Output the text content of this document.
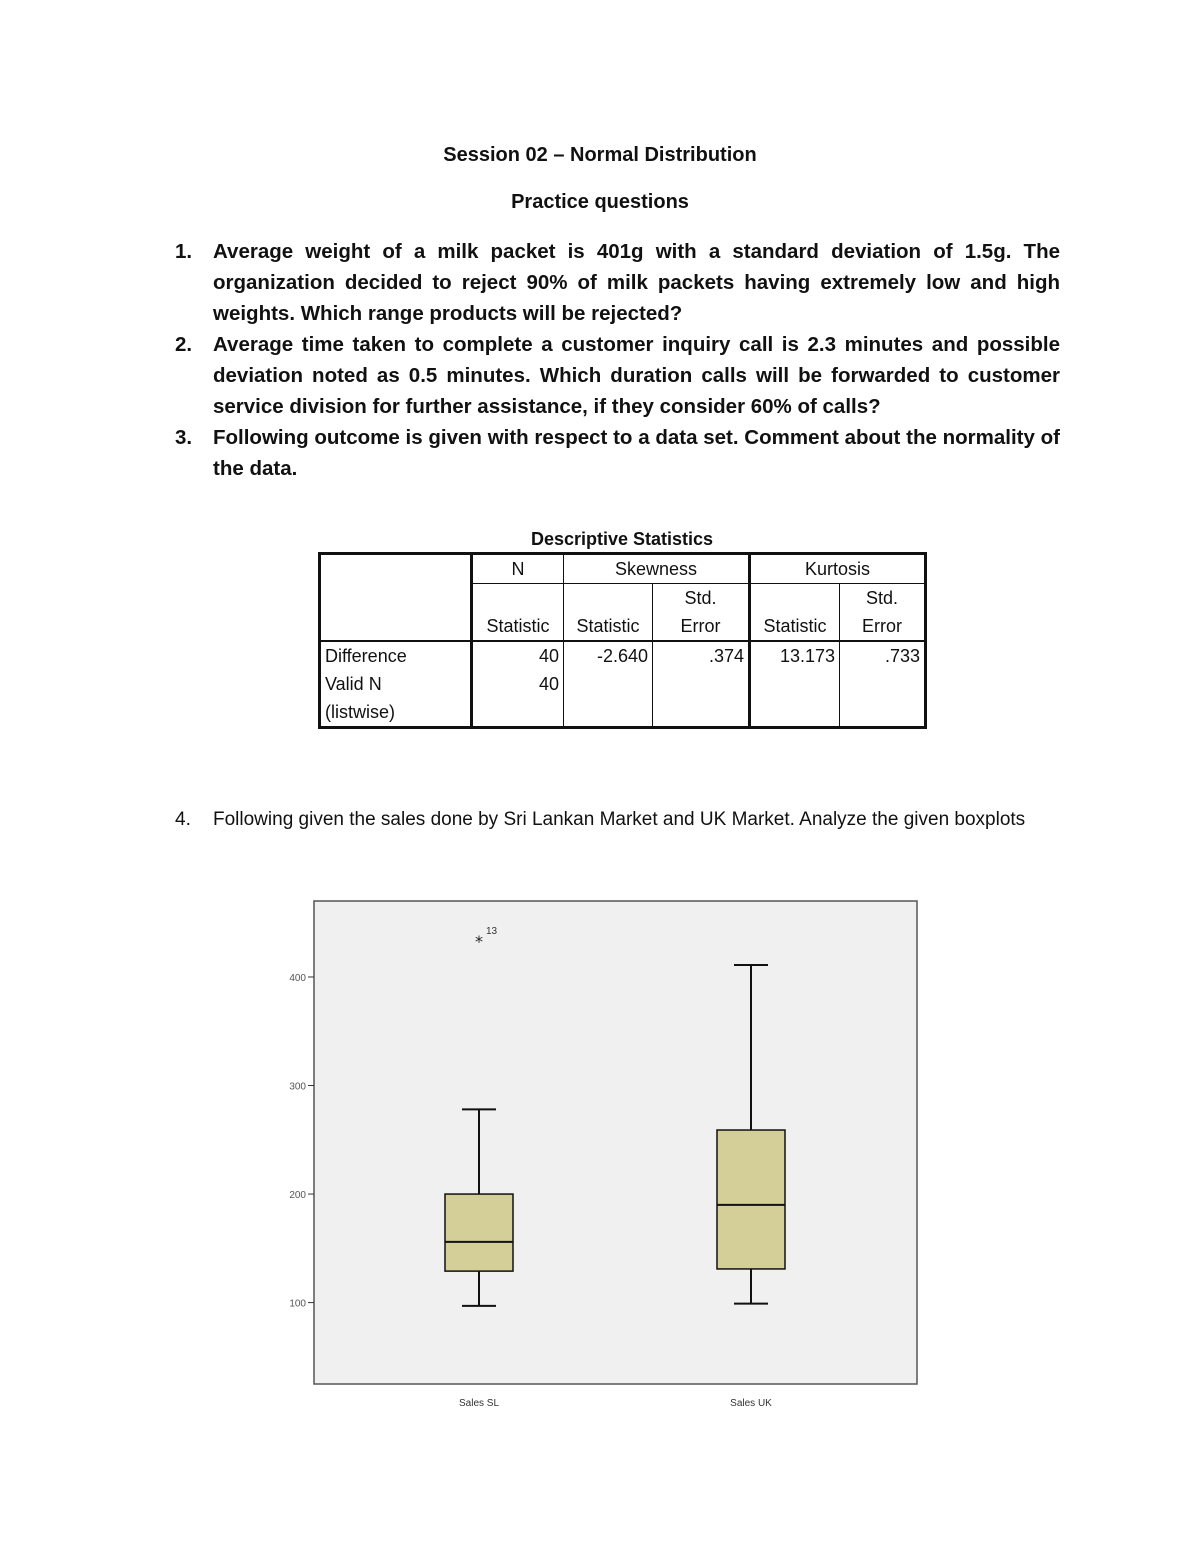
Session 02 – Normal Distribution
Practice questions
1. Average weight of a milk packet is 401g with a standard deviation of 1.5g. The organization decided to reject 90% of milk packets having extremely low and high weights. Which range products will be rejected?
2. Average time taken to complete a customer inquiry call is 2.3 minutes and possible deviation noted as 0.5 minutes. Which duration calls will be forwarded to customer service division for further assistance, if they consider 60% of calls?
3. Following outcome is given with respect to a data set. Comment about the normality of the data.
Descriptive Statistics
	N	Skewness		Kurtosis	
			Std.		Std.
	Statistic	Statistic	Error	Statistic	Error
Difference	40	-2.640	.374	13.173	.733
Valid N	40				
(listwise)					
4. Following given the sales done by Sri Lankan Market and UK Market. Analyze the given boxplots
100
200
300
400
*
13
Sales SL	Sales UK
